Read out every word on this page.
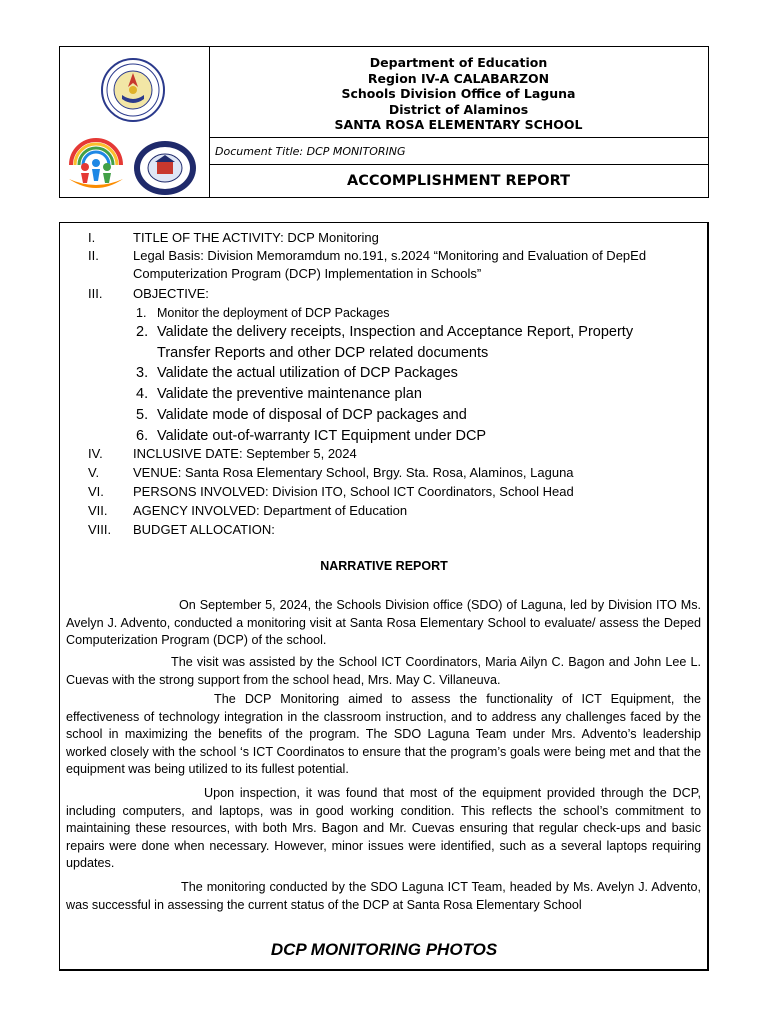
Department of Education
Region IV-A CALABARZON
Schools Division Office of Laguna
District of Alaminos
SANTA ROSA ELEMENTARY SCHOOL
Document Title: DCP MONITORING
ACCOMPLISHMENT REPORT
I.	TITLE OF THE ACTIVITY: DCP Monitoring
II.	Legal Basis: Division Memoramdum no.191, s.2024 “Monitoring and Evaluation of DepEd
Computerization Program (DCP) Implementation in Schools”
III. OBJECTIVE:
1. Monitor the deployment of DCP Packages
2. Validate the delivery receipts, Inspection and Acceptance Report, Property
Transfer Reports and other DCP related documents
3. Validate the actual utilization of DCP Packages
4. Validate the preventive maintenance plan
5. Validate mode of disposal of DCP packages and
6. Validate out-of-warranty ICT Equipment under DCP
IV. INCLUSIVE DATE: September 5, 2024
V.	VENUE: Santa Rosa Elementary School, Brgy. Sta. Rosa, Alaminos, Laguna
VI. PERSONS INVOLVED: Division ITO, School ICT Coordinators, School Head
VII. AGENCY INVOLVED: Department of Education
VIII. BUDGET ALLOCATION:
NARRATIVE REPORT
On September 5, 2024, the Schools Division office (SDO) of Laguna, led by Division ITO Ms. Avelyn J. Advento, conducted a monitoring visit at Santa Rosa Elementary School to evaluate/ assess the Deped Computerization Program (DCP) of the school.
The visit was assisted by the School ICT Coordinators, Maria Ailyn C. Bagon and John Lee L. Cuevas with the strong support from the school head, Mrs. May C. Villaneuva.
The DCP Monitoring aimed to assess the functionality of ICT Equipment, the effectiveness of technology integration in the classroom instruction, and to address any challenges faced by the school in maximizing the benefits of the program. The SDO Laguna Team under Mrs. Advento’s leadership worked closely with the school ‘s ICT Coordinatos to ensure that the program’s goals were being met and that the equipment was being utilized to its fullest potential.
Upon inspection, it was found that most of the equipment provided through the DCP, including computers, and laptops, was in good working condition. This reflects the school’s commitment to maintaining these resources, with both Mrs. Bagon and Mr. Cuevas ensuring that regular check-ups and basic repairs were done when necessary. However, minor issues were identified, such as a several laptops requiring updates.
The monitoring conducted by the SDO Laguna ICT Team, headed by Ms. Avelyn J. Advento, was successful in assessing the current status of the DCP at Santa Rosa Elementary School
DCP MONITORING PHOTOS
